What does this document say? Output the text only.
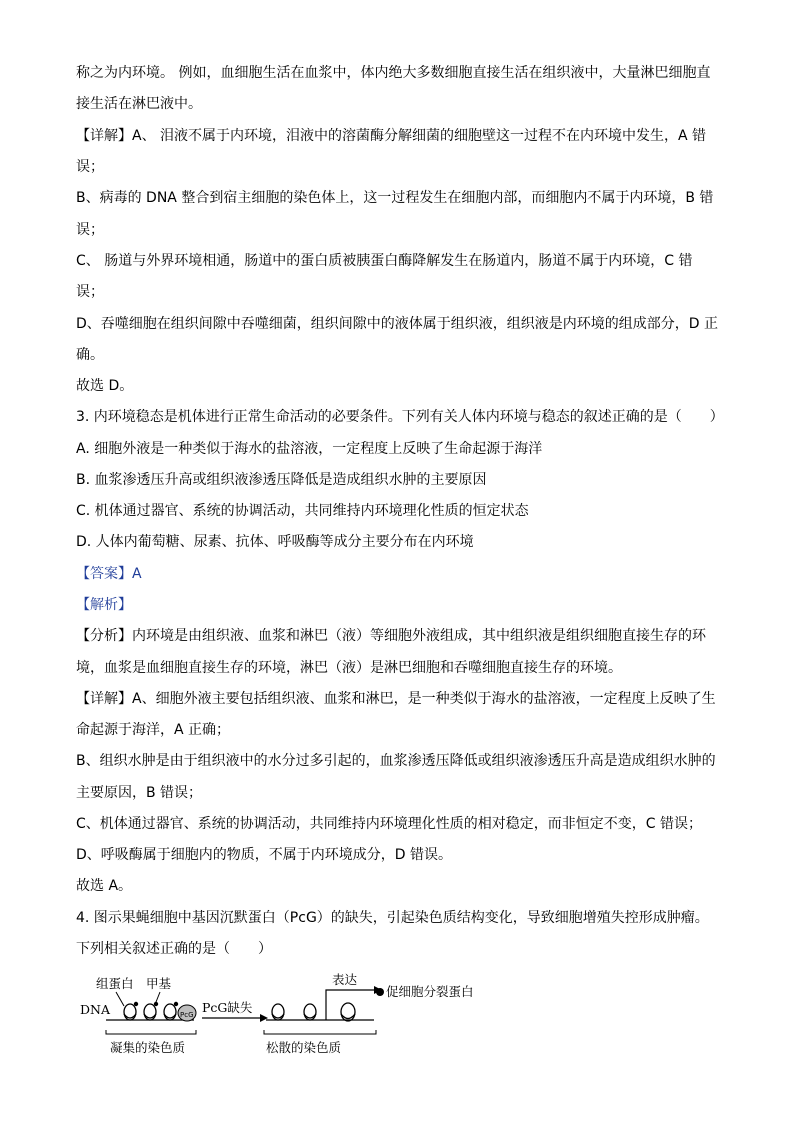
称之为内环境。 例如，血细胞生活在血浆中，体内绝大多数细胞直接生活在组织液中，大量淋巴细胞直
接生活在淋巴液中。
【详解】A、 泪液不属于内环境，泪液中的溶菌酶分解细菌的细胞壁这一过程不在内环境中发生，A 错
误；
B、病毒的 DNA 整合到宿主细胞的染色体上，这一过程发生在细胞内部，而细胞内不属于内环境，B 错
误；
C、 肠道与外界环境相通，肠道中的蛋白质被胰蛋白酶降解发生在肠道内，肠道不属于内环境，C 错
误；
D、吞噬细胞在组织间隙中吞噬细菌，组织间隙中的液体属于组织液，组织液是内环境的组成部分，D 正
确。
故选 D。
3. 内环境稳态是机体进行正常生命活动的必要条件。下列有关人体内环境与稳态的叙述正确的是（　　）
A. 细胞外液是一种类似于海水的盐溶液，一定程度上反映了生命起源于海洋
B. 血浆渗透压升高或组织液渗透压降低是造成组织水肿的主要原因
C. 机体通过器官、系统的协调活动，共同维持内环境理化性质的恒定状态
D. 人体内葡萄糖、尿素、抗体、呼吸酶等成分主要分布在内环境
【答案】A
【解析】
【分析】内环境是由组织液、血浆和淋巴（液）等细胞外液组成，其中组织液是组织细胞直接生存的环
境，血浆是血细胞直接生存的环境，淋巴（液）是淋巴细胞和吞噬细胞直接生存的环境。
【详解】A、细胞外液主要包括组织液、血浆和淋巴，是一种类似于海水的盐溶液，一定程度上反映了生
命起源于海洋，A 正确；
B、组织水肿是由于组织液中的水分过多引起的，血浆渗透压降低或组织液渗透压升高是造成组织水肿的
主要原因，B 错误；
C、机体通过器官、系统的协调活动，共同维持内环境理化性质的相对稳定，而非恒定不变，C 错误；
D、呼吸酶属于细胞内的物质，不属于内环境成分，D 错误。
故选 A。
4. 图示果蝇细胞中基因沉默蛋白（PcG）的缺失，引起染色质结构变化，导致细胞增殖失控形成肿瘤。
下列相关叙述正确的是（　　）
组蛋白 甲基
DNA	PcG缺失
表达
促细胞分裂蛋白
凝集的染色质	松散的染色质
PcG
